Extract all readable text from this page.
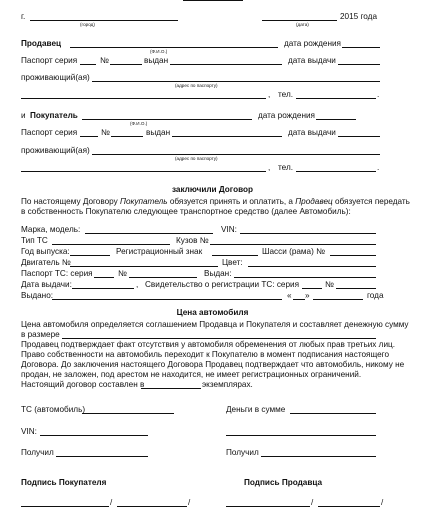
г.
(город)
2015 года
(дата)
Продавец
(Ф.И.О.)
дата рождения
Паспорт серия	№	выдан	дата выдачи
проживающий(ая)
(адрес по паспорту)
, тел.	.
и Покупатель
(Ф.И.О.)
дата рождения
Паспорт серия	№	выдан	дата выдачи
проживающий(ая)
(адрес по паспорту)
, тел.	.
заключили Договор
По настоящему Договору Покупатель обязуется принять и оплатить, а Продавец обязуется передать
в собственность Покупателю следующее транспортное средство (далее Автомобиль):
Марка, модель:	VIN:
Тип ТС	Кузов №
Год выпуска:	Регистрационный знак	Шасси (рама) №
Двигатель №	Цвет:
Паспорт ТС: серия	№	Выдан:
Дата выдачи:	, Свидетельство о регистрации ТС: серия	№
Выдано:	« »	года
Цена автомобиля
Цена автомобиля определяется соглашением Продавца и Покупателя и составляет денежную сумму
в размере
Продавец подтверждает факт отсутствия у автомобиля обременения от любых прав третьих лиц.
Право собственности на автомобиль переходит к Покупателю в момент подписания настоящего
Договора. До заключения настоящего Договора Продавец подтверждает что автомобиль, никому не
продан, не заложен, под арестом не находится, не имеет регистрационных ограничений.
Настоящий договор составлен в	экземплярах.
ТС (автомобиль)	Деньги в сумме
VIN:
Получил	Получил
Подпись Покупателя	Подпись Продавца
/	/	/	/
